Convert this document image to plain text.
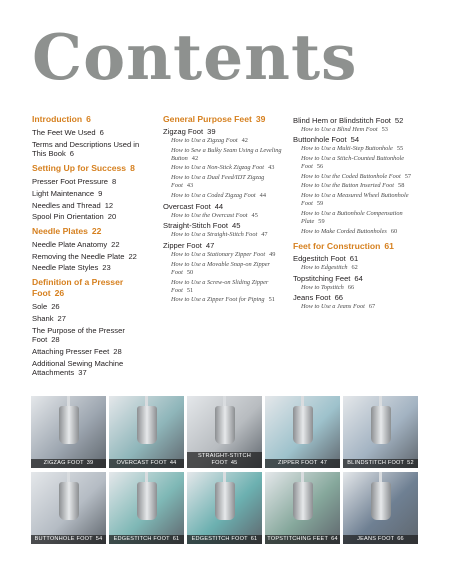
Contents
Introduction 6
The Feet We Used 6
Terms and Descriptions Used in This Book 6
Setting Up for Success 8
Presser Foot Pressure 8
Light Maintenance 9
Needles and Thread 12
Spool Pin Orientation 20
Needle Plates 22
Needle Plate Anatomy 22
Removing the Needle Plate 22
Needle Plate Styles 23
Definition of a Presser Foot 26
Sole 26
Shank 27
The Purpose of the Presser Foot 28
Attaching Presser Feet 28
Additional Sewing Machine Attachments 37
General Purpose Feet 39
Zigzag Foot 39
How to Use a Zigzag Foot 42
How to Sew a Bulky Seam Using a Leveling Button 42
How to Use a Non-Stick Zigzag Foot 43
How to Use a Dual Feed/IDT Zigzag Foot 43
How to Use a Coded Zigzag Foot 44
Overcast Foot 44
How to Use the Overcast Foot 45
Straight-Stitch Foot 45
How to Use a Straight-Stitch Foot 47
Zipper Foot 47
How to Use a Stationary Zipper Foot 49
How to Use a Movable Snap-on Zipper Foot 50
How to Use a Screw-on Sliding Zipper Foot 51
How to Use a Zipper Foot for Piping 51
Blind Hem or Blindstitch Foot 52
How to Use a Blind Hem Foot 53
Buttonhole Foot 54
How to Use a Multi-Step Buttonhole 55
How to Use a Stitch-Counted Buttonhole Foot 56
How to Use the Coded Buttonhole Foot 57
How to Use the Button Inserted Foot 58
How to Use a Measured Wheel Buttonhole Foot 59
How to Use a Buttonhole Compensation Plate 59
How to Make Corded Buttonholes 60
Feet for Construction 61
Edgestitch Foot 61
How to Edgestitch 62
Topstitching Feet 64
How to Topstitch 66
Jeans Foot 66
How to Use a Jeans Foot 67
ZIGZAG FOOT 39	OVERCAST FOOT 44
STRAIGHT-STITCH FOOT 45	ZIPPER FOOT 47	BLINDSTITCH FOOT 52
BUTTONHOLE FOOT 54	EDGESTITCH FOOT 61	EDGESTITCH FOOT 61	TOPSTITCHING FEET 64	JEANS FOOT 66
